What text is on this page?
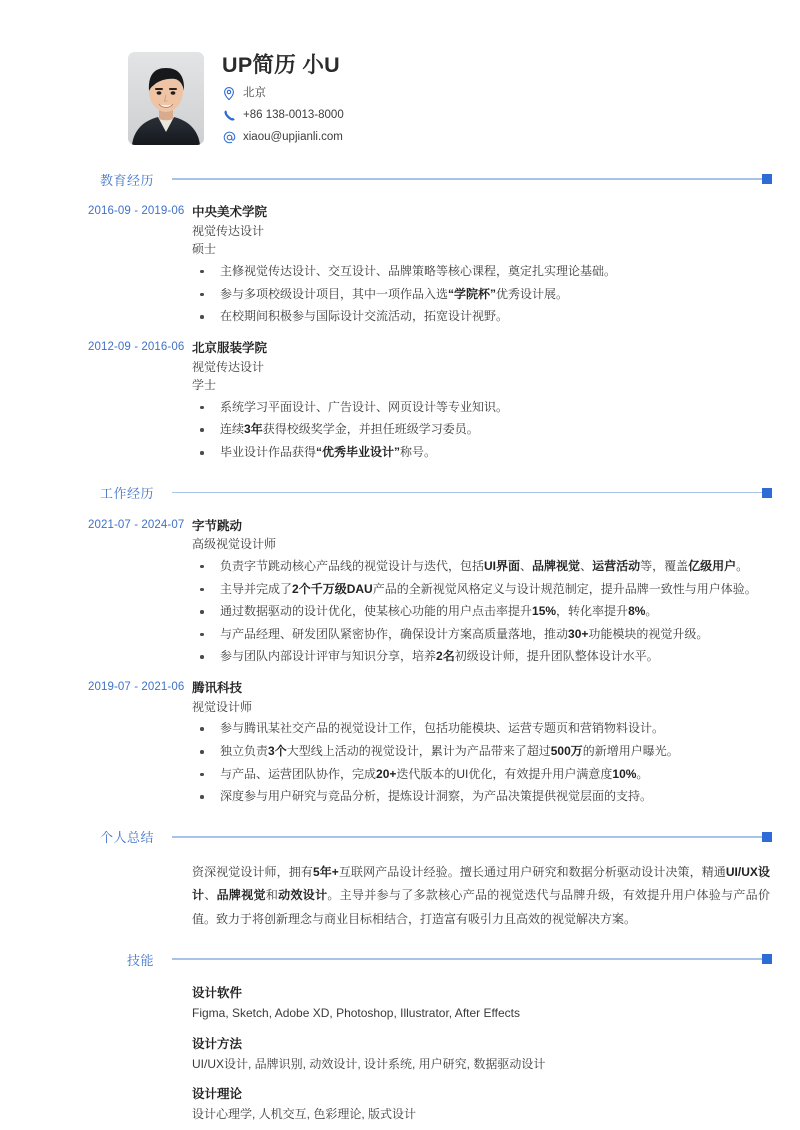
UP简历 小U
北京
+86 138-0013-8000
xiaou@upjianli.com
教育经历
2016-09 - 2019-06 中央美术学院
视觉传达设计
硕士
主修视觉传达设计、交互设计、品牌策略等核心课程，奠定扎实理论基础。
参与多项校级设计项目，其中一项作品入选“学院杯”优秀设计展。
在校期间积极参与国际设计交流活动，拓宽设计视野。
2012-09 - 2016-06 北京服装学院
视觉传达设计
学士
系统学习平面设计、广告设计、网页设计等专业知识。
连续3年获得校级奖学金，并担任班级学习委员。
毕业设计作品获得“优秀毕业设计”称号。
工作经历
2021-07 - 2024-07 字节跳动
高级视觉设计师
负责字节跳动核心产品线的视觉设计与迭代，包括UI界面、品牌视觉、运营活动等，覆盖亿级用户。
主导并完成了2个千万级DAU产品的全新视觉风格定义与设计规范制定，提升品牌一致性与用户体验。
通过数据驱动的设计优化，使某核心功能的用户点击率提升15%，转化率提升8%。
与产品经理、研发团队紧密协作，确保设计方案高质量落地，推动30+功能模块的视觉升级。
参与团队内部设计评审与知识分享，培养2名初级设计师，提升团队整体设计水平。
2019-07 - 2021-06 腾讯科技
视觉设计师
参与腾讯某社交产品的视觉设计工作，包括功能模块、运营专题页和营销物料设计。
独立负责3个大型线上活动的视觉设计，累计为产品带来了超过500万的新增用户曝光。
与产品、运营团队协作，完成20+迭代版本的UI优化，有效提升用户满意度10%。
深度参与用户研究与竞品分析，提炼设计洞察，为产品决策提供视觉层面的支持。
个人总结

资深视觉设计师，拥有5年+互联网产品设计经验。擅长通过用户研究和数据分析驱动设计决策，精通UI/UX设计、品牌视觉和动效设计。主导并参与了多款核心产品的视觉迭代与品牌升级，有效提升用户体验与产品价值。致力于将创新理念与商业目标相结合，打造富有吸引力且高效的视觉解决方案。

技能
设计软件
Figma, Sketch, Adobe XD, Photoshop, Illustrator, After Effects
设计方法
UI/UX设计, 品牌识别, 动效设计, 设计系统, 用户研究, 数据驱动设计
设计理论
设计心理学, 人机交互, 色彩理论, 版式设计
